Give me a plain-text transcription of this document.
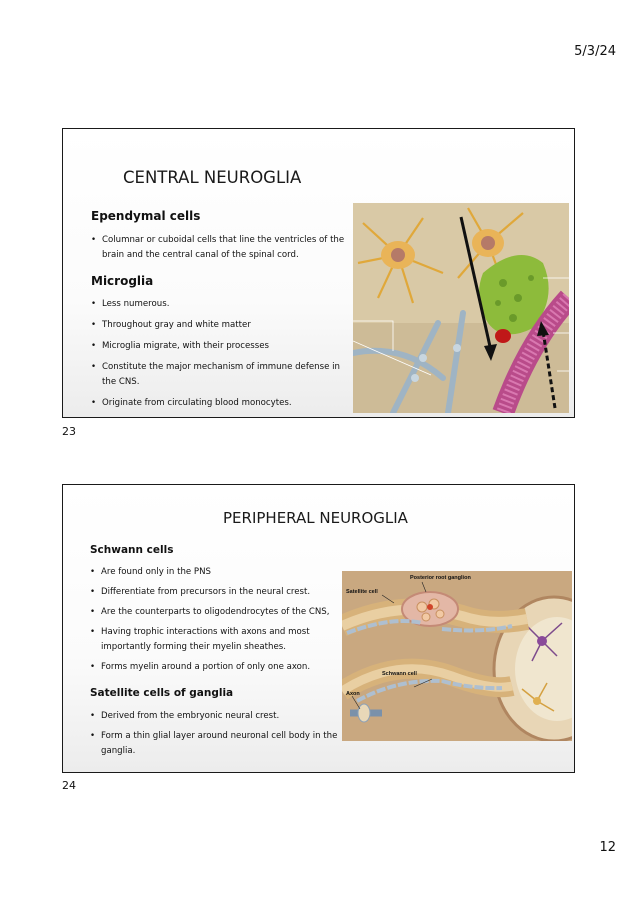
5/3/24
CENTRAL NEUROGLIA
Ependymal cells
• Columnar or cuboidal cells that line the ventricles of the brain and the central canal of the spinal cord.
Microglia
• Less numerous.
• Throughout gray and white matter
• Microglia migrate, with their processes
• Constitute the major mechanism of immune defense in the CNS.
• Originate from circulating blood monocytes.
23
PERIPHERAL NEUROGLIA
Schwann cells
• Are found only in the PNS
• Differentiate from precursors in the neural crest.
• Are the counterparts to oligodendrocytes of the CNS,
• Having trophic interactions with axons and most importantly forming their myelin sheathes.
• Forms myelin around a portion of only one axon.
Satellite cells of ganglia
• Derived from the embryonic neural crest.
• Form a thin glial layer around neuronal cell body in the ganglia.
Posterior root ganglion
Satellite cell
Schwann cell
Axon
24
12
